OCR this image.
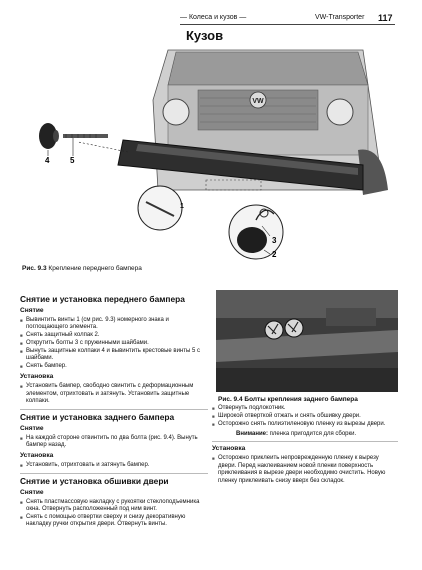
— Колеса и кузов —	VW-Transporter 117
Кузов
VW
4	5
1
3
2
Рис. 9.3 Крепление переднего бампера
Снятие и установка переднего бампера
Снятие
■ Вывинтить винты 1 (см рис. 9.3) номерного знака и поглощающего элемента.
■ Снять защитный колпак 2.
■ Открутить болты 3 с пружинными шайбами.
■ Вынуть защитные колпаки 4 и вывинтить крестовые винты 5 с шайбами.
■ Снять бампер.
Установка
■ Установить бампер, свободно свинтить с деформационным элементом, отрихтовать и затянуть. Установить защитные колпаки.
Снятие и установка заднего бампера
Снятие
■ На каждой стороне отвинтить по два болта (рис. 9.4). Вынуть бампер назад.
Установка
■ Установить, отрихтовать и затянуть бампер.
Снятие и установка обшивки двери
Снятие
■ Снять пластмассовую накладку с рукоятки стеклоподъемника окна. Отвернуть расположенный под ним винт.
■ Снять с помощью отвертки сверху и снизу декоративную накладку ручки открытия двери. Отвернуть винты.
Рис. 9.4 Болты крепления заднего бампера
■ Отвернуть подлокотник.
■ Широкой отверткой отжать и снять обшивку двери.
■ Осторожно снять полиэтиленовую пленку из вырезы двери.

Внимание: пленка пригодится для сборки.

Установка
■ Осторожно приклеить непроврежденную пленку к вырезу двери. Перед наклеиванием новой пленки поверхность приклеивания в вырезе двери необходимо очистить. Новую пленку приклеивать снизу вверх без складок.
